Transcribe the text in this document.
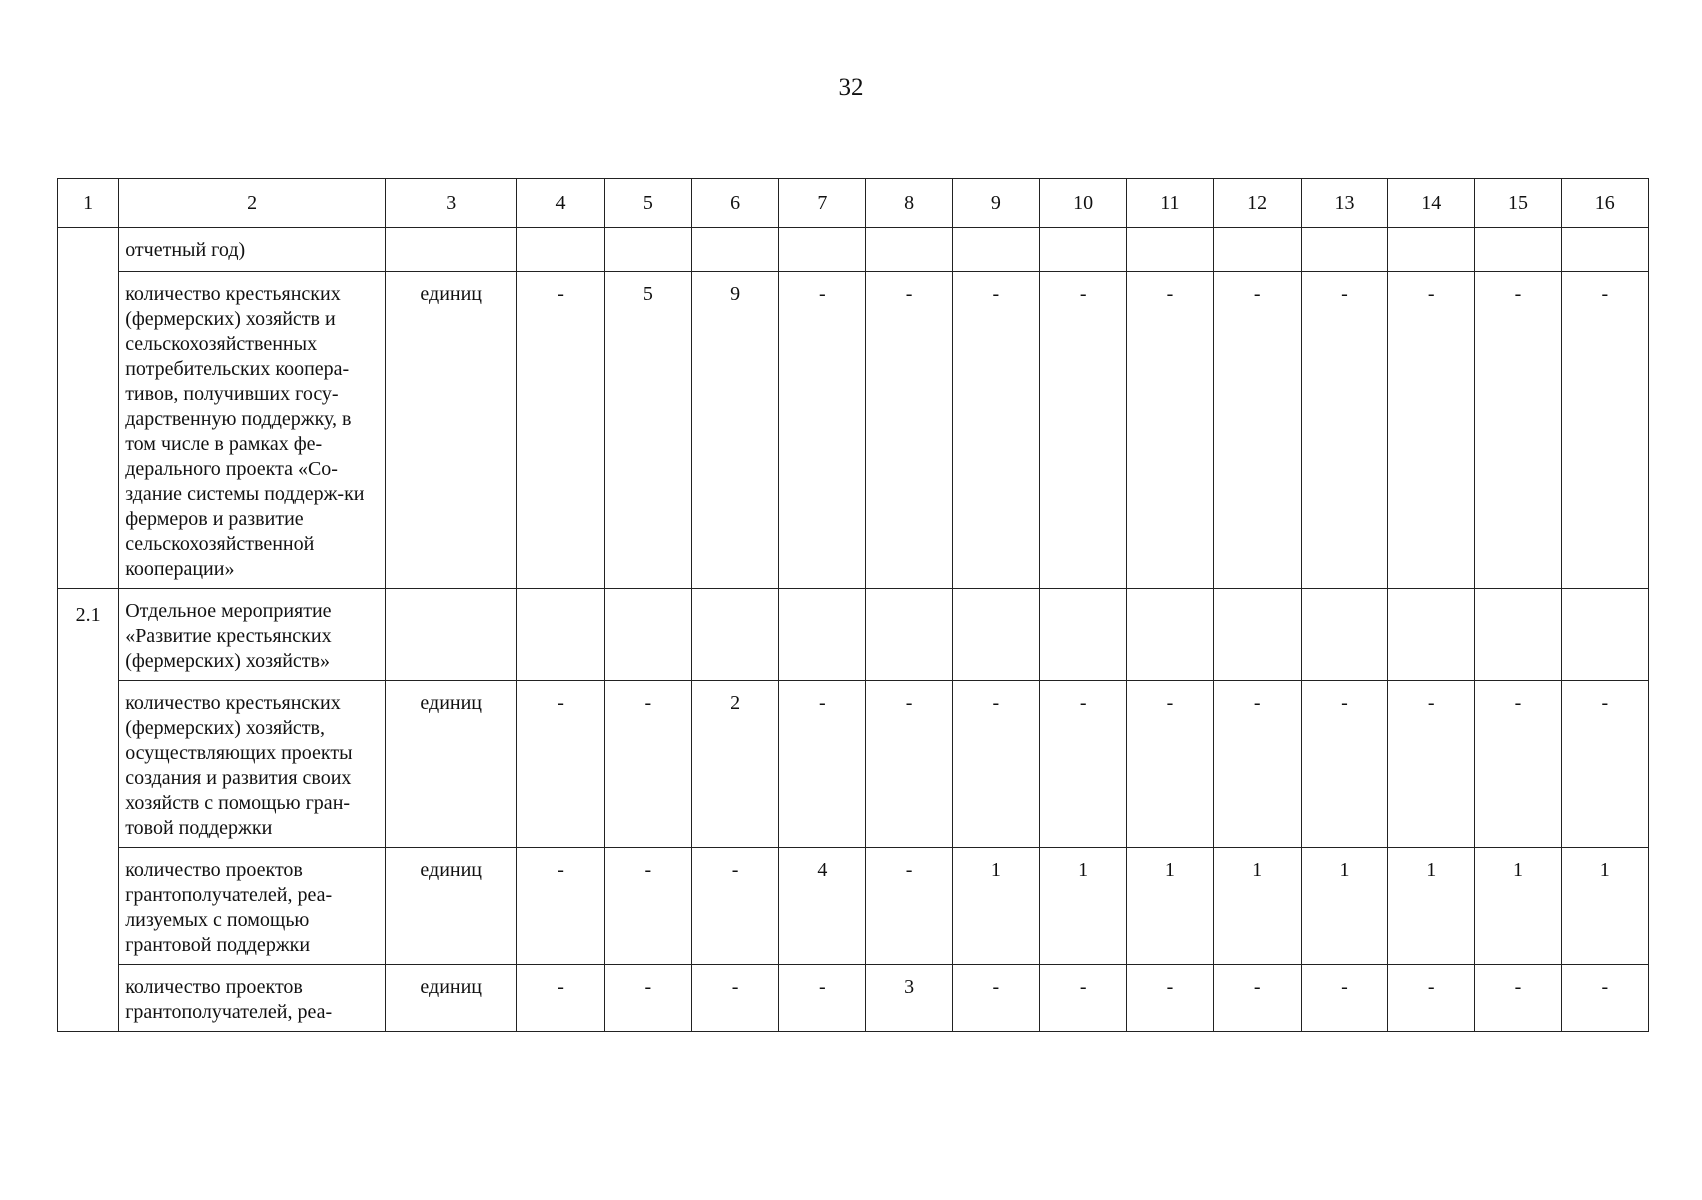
32
1	2	3	4	5	6	7	8	9	10	11	12	13	14	15	16
	отчетный год)														
	количество крестьянских (фермерских) хозяйств и сельскохозяйственных потребительских коопера-тивов, получивших госу-дарственную поддержку, в том числе в рамках фе-дерального проекта «Со-здание системы поддерж-ки фермеров и развитие сельскохозяйственной кооперации»	единиц	-	5	9	-	-	-	-	-	-	-	-	-	-
2.1	Отдельное мероприятие «Развитие крестьянских (фермерских) хозяйств»														
	количество крестьянских (фермерских) хозяйств, осуществляющих проекты создания и развития своих хозяйств с помощью гран-товой поддержки	единиц	-	-	2	-	-	-	-	-	-	-	-	-	-
	количество проектов грантополучателей, реа-лизуемых с помощью грантовой поддержки	единиц	-	-	-	4	-	1	1	1	1	1	1	1	1
	количество проектов грантополучателей, реа-	единиц	-	-	-	-	3	-	-	-	-	-	-	-	-
